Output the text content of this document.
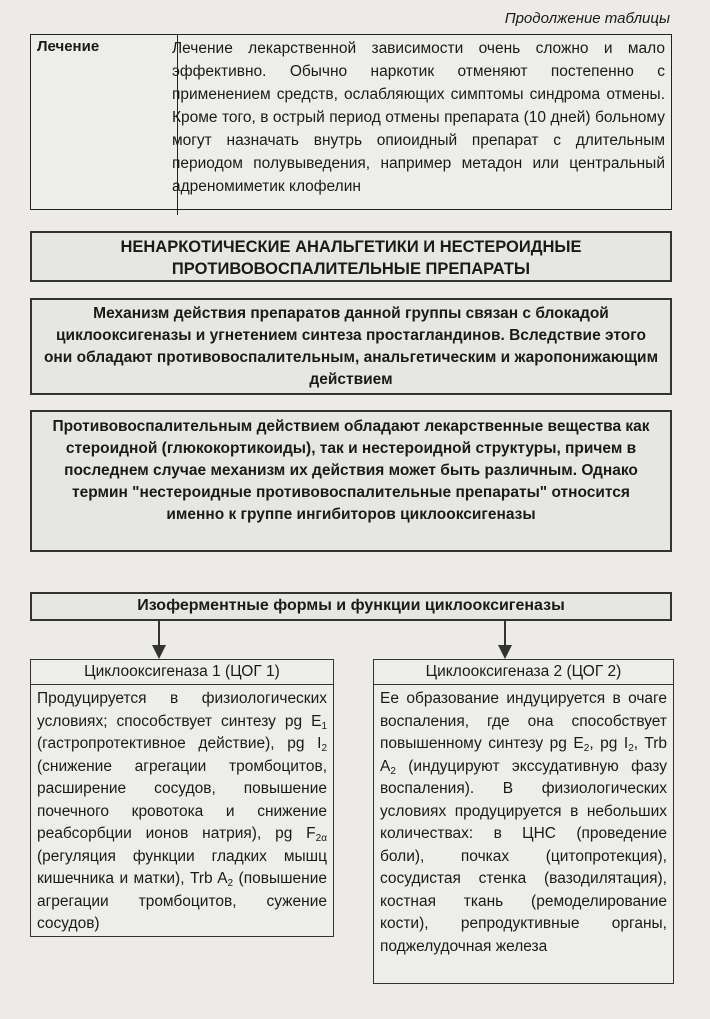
Продолжение таблицы
Лечение	Лечение лекарственной зависимости очень сложно и мало эффективно. Обычно наркотик отменяют постепенно с применением средств, ослабляющих симптомы синдрома отмены. Кроме того, в острый период отмены препарата (10 дней) больному могут назначать внутрь опиоидный препарат с длительным периодом полувыведения, например метадон или центральный адреномиметик клофелин
НЕНАРКОТИЧЕСКИЕ АНАЛЬГЕТИКИ И НЕСТЕРОИДНЫЕ
ПРОТИВОВОСПАЛИТЕЛЬНЫЕ ПРЕПАРАТЫ
Механизм действия препаратов данной группы связан с блокадой циклооксигеназы и угнетением синтеза простагландинов. Вследствие этого они обладают противовоспалительным, анальгетическим и жаропонижающим действием
Противовоспалительным действием обладают лекарственные вещества как стероидной (глюкокортикоиды), так и нестероидной структуры, причем в последнем случае механизм их действия может быть различным. Однако термин "нестероидные противовоспалительные препараты" относится именно к группе ингибиторов циклооксигеназы
Изоферментные формы и функции циклооксигеназы
Циклооксигеназа 1 (ЦОГ 1)
Продуцируется в физиологических условиях; способствует синтезу pg $E_1$ (гастропротективное действие), pg $I_2$ (снижение агрегации тромбоцитов, расширение сосудов, повышение почечного кровотока и снижение реабсорбции ионов натрия), pg $F_{2\alpha}$ (регуляция функции гладких мышц кишечника и матки), Trb $A_2$ (повышение агрегации тромбоцитов, сужение сосудов)
Циклооксигеназа 2 (ЦОГ 2)
Ее образование индуцируется в очаге воспаления, где она способствует повышенному синтезу pg $E_2$, pg $I_2$, Trb $A_2$ (индуцируют экссудативную фазу воспаления). В физиологических условиях продуцируется в небольших количествах: в ЦНС (проведение боли), почках (цитопротекция), сосудистая стенка (вазодилятация), костная ткань (ремоделирование кости), репродуктивные органы, поджелудочная железа
